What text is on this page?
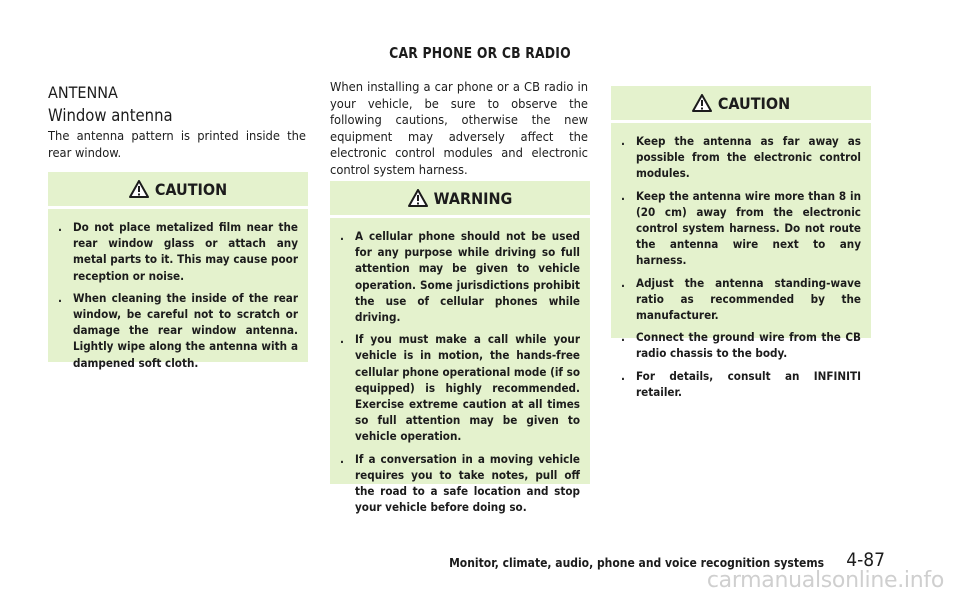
CAR PHONE OR CB RADIO
ANTENNA
Window antenna
The antenna pattern is printed inside the rear window.
CAUTION
. Do not place metalized film near the rear window glass or attach any metal parts to it. This may cause poor reception or noise.
. When cleaning the inside of the rear window, be careful not to scratch or damage the rear window antenna. Lightly wipe along the antenna with a dampened soft cloth.
When installing a car phone or a CB radio in your vehicle, be sure to observe the following cautions, otherwise the new equipment may adversely affect the electronic control modules and electronic control system harness.
WARNING
. A cellular phone should not be used for any purpose while driving so full attention may be given to vehicle operation. Some jurisdictions prohibit the use of cellular phones while driving.
. If you must make a call while your vehicle is in motion, the hands-free cellular phone operational mode (if so equipped) is highly recommended. Exercise extreme caution at all times so full attention may be given to vehicle operation.
. If a conversation in a moving vehicle requires you to take notes, pull off the road to a safe location and stop your vehicle before doing so.
CAUTION
. Keep the antenna as far away as possible from the electronic control modules.
. Keep the antenna wire more than 8 in (20 cm) away from the electronic control system harness. Do not route the antenna wire next to any harness.
. Adjust the antenna standing-wave ratio as recommended by the manufacturer.
. Connect the ground wire from the CB radio chassis to the body.
. For details, consult an INFINITI retailer.
Monitor, climate, audio, phone and voice recognition systems 4-87
carmanualsonline.info
